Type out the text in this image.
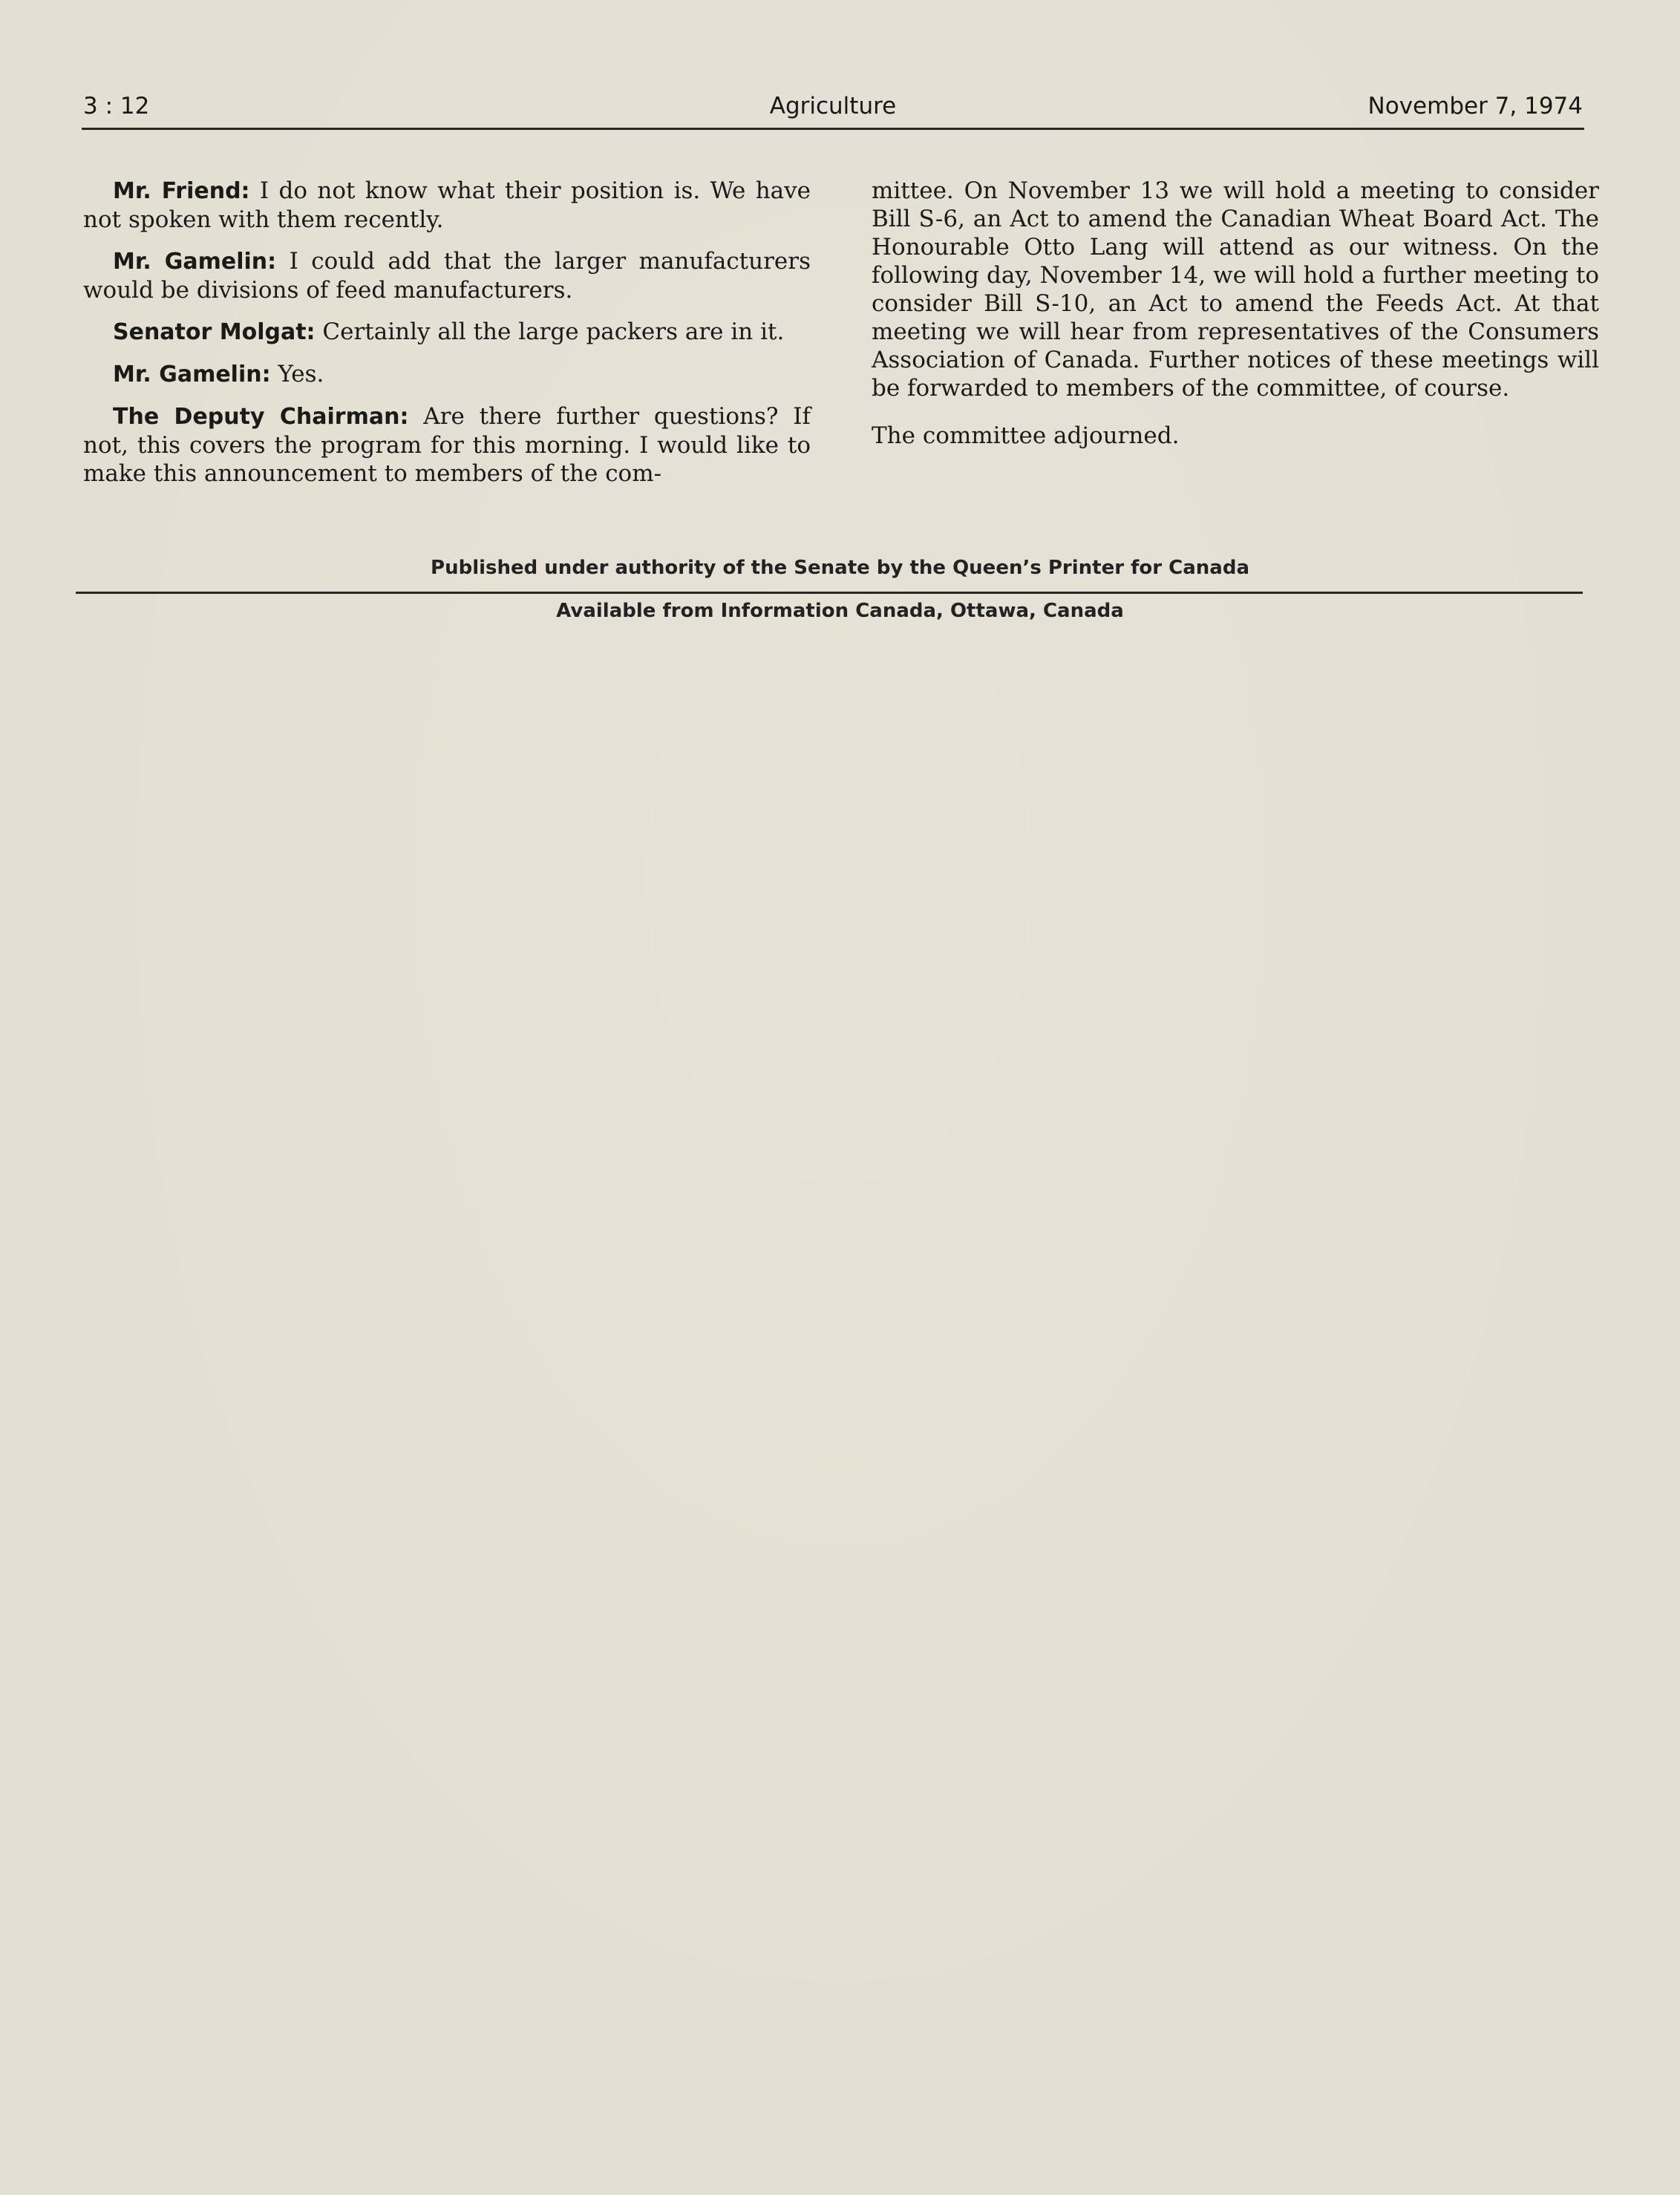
3 : 12	Agriculture	November 7, 1974

Mr. Friend: I do not know what their position is. We have not spoken with them recently.

Mr. Gamelin: I could add that the larger manufacturers would be divisions of feed manufacturers.

Senator Molgat: Certainly all the large packers are in it.

Mr. Gamelin: Yes.

The Deputy Chairman: Are there further questions? If not, this covers the program for this morning. I would like to make this announcement to members of the com-

mittee. On November 13 we will hold a meeting to consider Bill S-6, an Act to amend the Canadian Wheat Board Act. The Honourable Otto Lang will attend as our witness. On the following day, November 14, we will hold a further meeting to consider Bill S-10, an Act to amend the Feeds Act. At that meeting we will hear from representatives of the Consumers Association of Canada. Further notices of these meetings will be forwarded to members of the committee, of course.

The committee adjourned.

Published under authority of the Senate by the Queen’s Printer for Canada
Available from Information Canada, Ottawa, Canada
